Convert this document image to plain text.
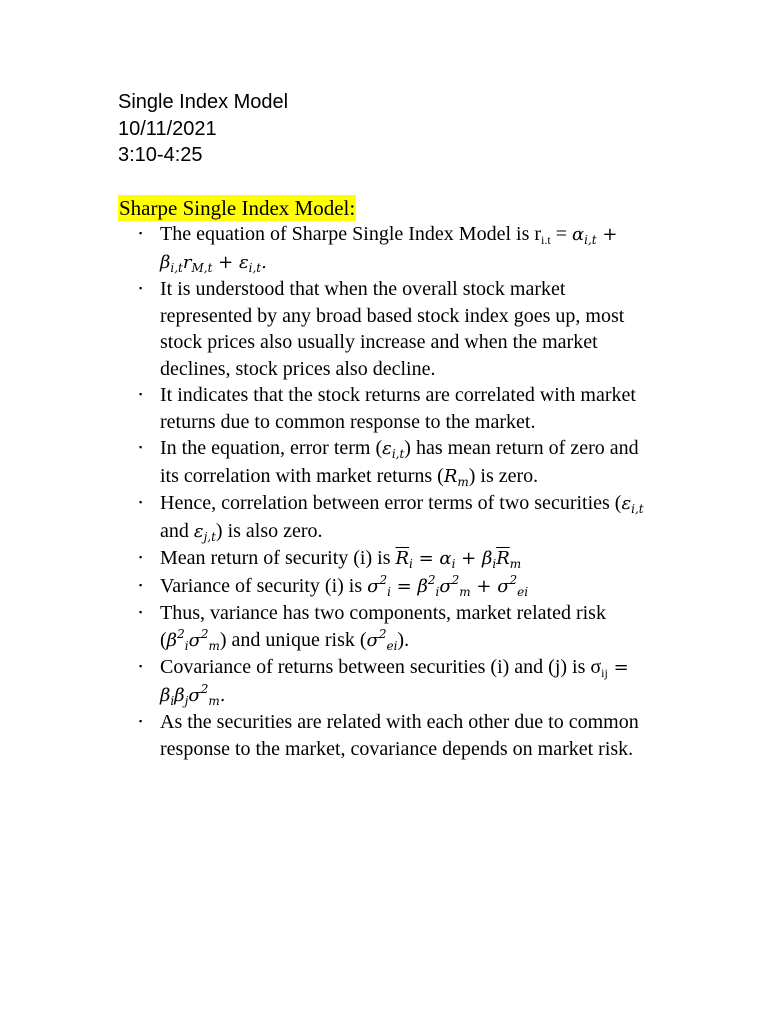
Single Index Model
10/11/2021
3:10-4:25
Sharpe Single Index Model:
▪ The equation of Sharpe Single Index Model is $r_{i.t} = \alpha_{i,t} + \beta_{i,t}r_{M,t} + \varepsilon_{i,t}$.
▪ It is understood that when the overall stock market represented by any broad based stock index goes up, most stock prices also usually increase and when the market declines, stock prices also decline.
▪ It indicates that the stock returns are correlated with market returns due to common response to the market.
▪ In the equation, error term $(\varepsilon_{i,t})$ has mean return of zero and its correlation with market returns $(R_m)$ is zero.
▪ Hence, correlation between error terms of two securities ($\varepsilon_{i,t}$ and $\varepsilon_{j,t}$) is also zero.
▪ Mean return of security (i) is $\overline{R}_i = \alpha_i + \beta_i\overline{R}_m$
▪ Variance of security (i) is $\sigma^2_i = \beta^2_i\sigma^2_m + \sigma^2_{ei}$
▪ Thus, variance has two components, market related risk $(\beta^2_i\sigma^2_m)$ and unique risk $(\sigma^2_{ei})$.
▪ Covariance of returns between securities (i) and (j) is $\sigma_{ij} = \beta_i\beta_j\sigma^2_m$.
▪ As the securities are related with each other due to common response to the market, covariance depends on market risk.
